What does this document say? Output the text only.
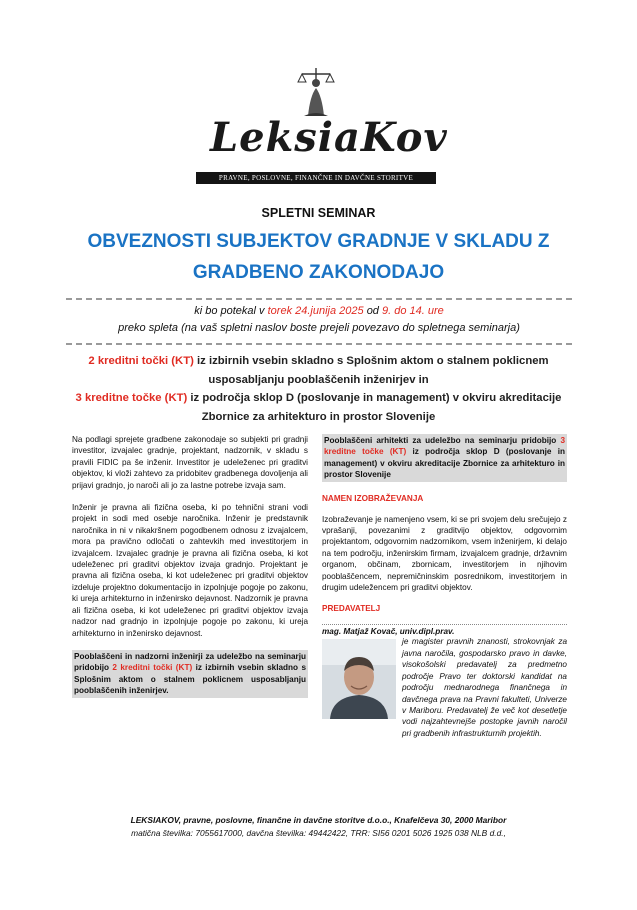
LeksiaKov
PRAVNE, POSLOVNE, FINANČNE IN DAVČNE STORITVE
SPLETNI SEMINAR
OBVEZNOSTI SUBJEKTOV GRADNJE V SKLADU Z GRADBENO ZAKONODAJO
ki bo potekal v torek 24.junija 2025 od 9. do 14. ure
preko spleta (na vaš spletni naslov boste prejeli povezavo do spletnega seminarja)
2 kreditni točki (KT) iz izbirnih vsebin skladno s Splošnim aktom o stalnem poklicnem usposabljanju pooblaščenih inženirjev in
3 kreditne točke (KT) iz področja sklop D (poslovanje in management) v okviru akreditacije Zbornice za arhitekturo in prostor Slovenije

Na podlagi sprejete gradbene zakonodaje so subjekti pri gradnji investitor, izvajalec gradnje, projektant, nadzornik, v skladu s pravili FIDIC pa še inženir. Investitor je udeleženec pri graditvi objektov, ki vloži zahtevo za pridobitev gradbenega dovoljenja ali prijavi gradnjo, jo naroči ali jo za lastne potrebe izvaja sam.

Inženir je pravna ali fizična oseba, ki po tehnični strani vodi projekt in sodi med osebje naročnika. Inženir je predstavnik naročnika in ni v nikakršnem pogodbenem odnosu z izvajalcem, mora pa pravično odločati o zahtevkih med investitorjem in izvajalcem. Izvajalec gradnje je pravna ali fizična oseba, ki kot udeleženec pri graditvi objektov izvaja gradnjo. Projektant je pravna ali fizična oseba, ki kot udeleženec pri graditvi objektov izdeluje projektno dokumentacijo in izpolnjuje pogoje po zakonu, ki ureja arhitekturno in inženirsko dejavnost. Nadzornik je pravna ali fizična oseba, ki kot udeleženec pri graditvi objektov izvaja nadzor nad gradnjo in izpolnjuje pogoje po zakonu, ki ureja arhitekturno in inženirsko dejavnost.

Pooblaščeni in nadzorni inženirji za udeležbo na seminarju pridobijo 2 kreditni točki (KT) iz izbirnih vsebin skladno s Splošnim aktom o stalnem poklicnem usposabljanju pooblaščenih inženirjev.
Pooblaščeni arhitekti za udeležbo na seminarju pridobijo 3 kreditne točke (KT) iz področja sklop D (poslovanje in management) v okviru akreditacije Zbornice za arhitekturo in prostor Slovenije
NAMEN IZOBRAŽEVANJA

Izobraževanje je namenjeno vsem, ki se pri svojem delu srečujejo z vprašanji, povezanimi z graditvijo objektov, odgovornim projektantom, odgovornim nadzornikom, vsem inženirjem, ki delajo na tem področju, inženirskim firmam, izvajalcem gradnje, državnim organom, občinam, zbornicam, investitorjem in njihovim pooblaščencem, nepremičninskim posrednikom, investitorjem in drugim udeležencem pri graditvi objektov.

PREDAVATELJ
mag. Matjaž Kovač, univ.dipl.prav.
je magister pravnih znanosti, strokovnjak za javna naročila, gospodarsko pravo in davke, visokošolski predavatelj za predmetno področje Pravo ter doktorski kandidat na področju mednarodnega finančnega in davčnega prava na Pravni fakulteti, Univerze v Mariboru. Predavatelj že več kot desetletje vodi najzahtevnejše postopke javnih naročil pri gradbenih infrastrukturnih projektih.
LEKSIAKOV, pravne, poslovne, finančne in davčne storitve d.o.o., Knafelčeva 30, 2000 Maribor
matična številka: 7055617000, davčna številka: 49442422, TRR: SI56 0201 5026 1925 038 NLB d.d.,
